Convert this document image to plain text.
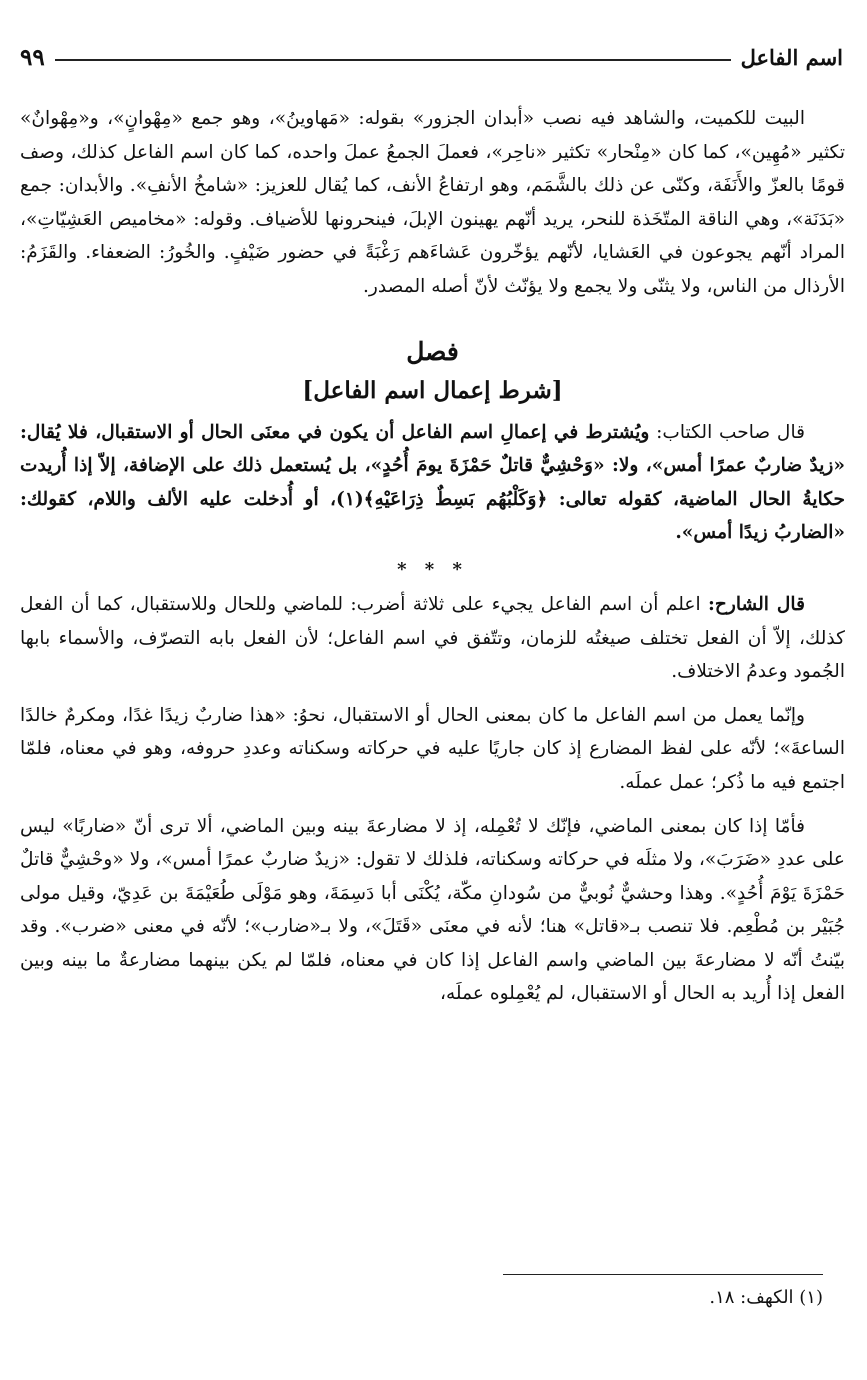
اسم الفاعل
٩٩

البيت للكميت، والشاهد فيه نصب «أبدان الجزور» بقوله: «مَهاوينُ»، وهو جمع «مِهْوانٍ»، و«مِهْوانٌ» تكثير «مُهِين»، كما كان «مِنْحار» تكثير «ناحِر»، فعملَ الجمعُ عملَ واحده، كما كان اسم الفاعل كذلك، وصف قومًا بالعزّ والأَنَفَة، وكنّى عن ذلك بالشَّمَم، وهو ارتفاعُ الأنف، كما يُقال للعزيز: «شامخُ الأنفِ». والأبدان: جمع «بَدَنَة»، وهي الناقة المتّخَذة للنحر، يريد أنّهم يهينون الإبلَ، فينحرونها للأضياف. وقوله: «مخاميص العَشِيّاتِ»، المراد أنّهم يجوعون في العَشايا، لأنّهم يؤخّرون عَشاءَهم رَغْبَةً في حضور ضَيْفٍ. والخُورُ: الضعفاء. والقَزَمُ: الأرذال من الناس، ولا يثنّى ولا يجمع ولا يؤنّث لأنّ أصله المصدر.

فصل
[شرط إعمال اسم الفاعل]

قال صاحب الكتاب: ويُشترط في إعمالِ اسم الفاعل أن يكون في معنَى الحال أو الاستقبال، فلا يُقال: «زيدٌ ضاربٌ عمرًا أمس»، ولا: «وَحْشِيٌّ قاتلٌ حَمْزَةَ يومَ أُحُدٍ»، بل يُستعمل ذلك على الإضافة، إلاّ إذا أُريدت حكايةُ الحال الماضية، كقوله تعالى: ﴿وَكَلْبُهُم بَسِطٌ ذِرَاعَيْهِ﴾(١)، أو أُدخلت عليه الألف واللام، كقولك: «الضاربُ زيدًا أمس».

* * *

قال الشارح: اعلم أن اسم الفاعل يجيء على ثلاثة أضرب: للماضي وللحال وللاستقبال، كما أن الفعل كذلك، إلاّ أن الفعل تختلف صيغتُه للزمان، وتتّفق في اسم الفاعل؛ لأن الفعل بابه التصرّف، والأسماء بابها الجُمود وعدمُ الاختلاف.

وإنّما يعمل من اسم الفاعل ما كان بمعنى الحال أو الاستقبال، نحوُ: «هذا ضاربٌ زيدًا غدًا، ومكرمٌ خالدًا الساعةَ»؛ لأنّه على لفظ المضارع إذ كان جاريًا عليه في حركاته وسكناته وعددِ حروفه، وهو في معناه، فلمّا اجتمع فيه ما ذُكر؛ عمل عملَه.

فأمّا إذا كان بمعنى الماضي، فإنّك لا تُعْمِله، إذ لا مضارعةَ بينه وبين الماضي، ألا ترى أنّ «ضاربًا» ليس على عددِ «ضَرَبَ»، ولا مثلَه في حركاته وسكناته، فلذلك لا تقول: «زيدٌ ضاربٌ عمرًا أمس»، ولا «وحْشِيٌّ قاتلٌ حَمْزَةَ يَوْمَ أُحُدٍ». وهذا وحشيٌّ نُوبيٌّ من سُودانِ مكّة، يُكْنَى أبا دَسِمَةَ، وهو مَوْلَى طُعَيْمَةَ بن عَدِيّ، وقيل مولى جُبَيْر بن مُطْعِم. فلا تنصب بـ«قاتل» هنا؛ لأنه في معنَى «قَتَلَ»، ولا بـ«ضارب»؛ لأنّه في معنى «ضرب». وقد بيّنتُ أنّه لا مضارعةَ بين الماضي واسم الفاعل إذا كان في معناه، فلمّا لم يكن بينهما مضارعةٌ ما بينه وبين الفعل إذا أُريد به الحال أو الاستقبال، لم يُعْمِلوه عملَه،

(١) الكهف: ١٨.
